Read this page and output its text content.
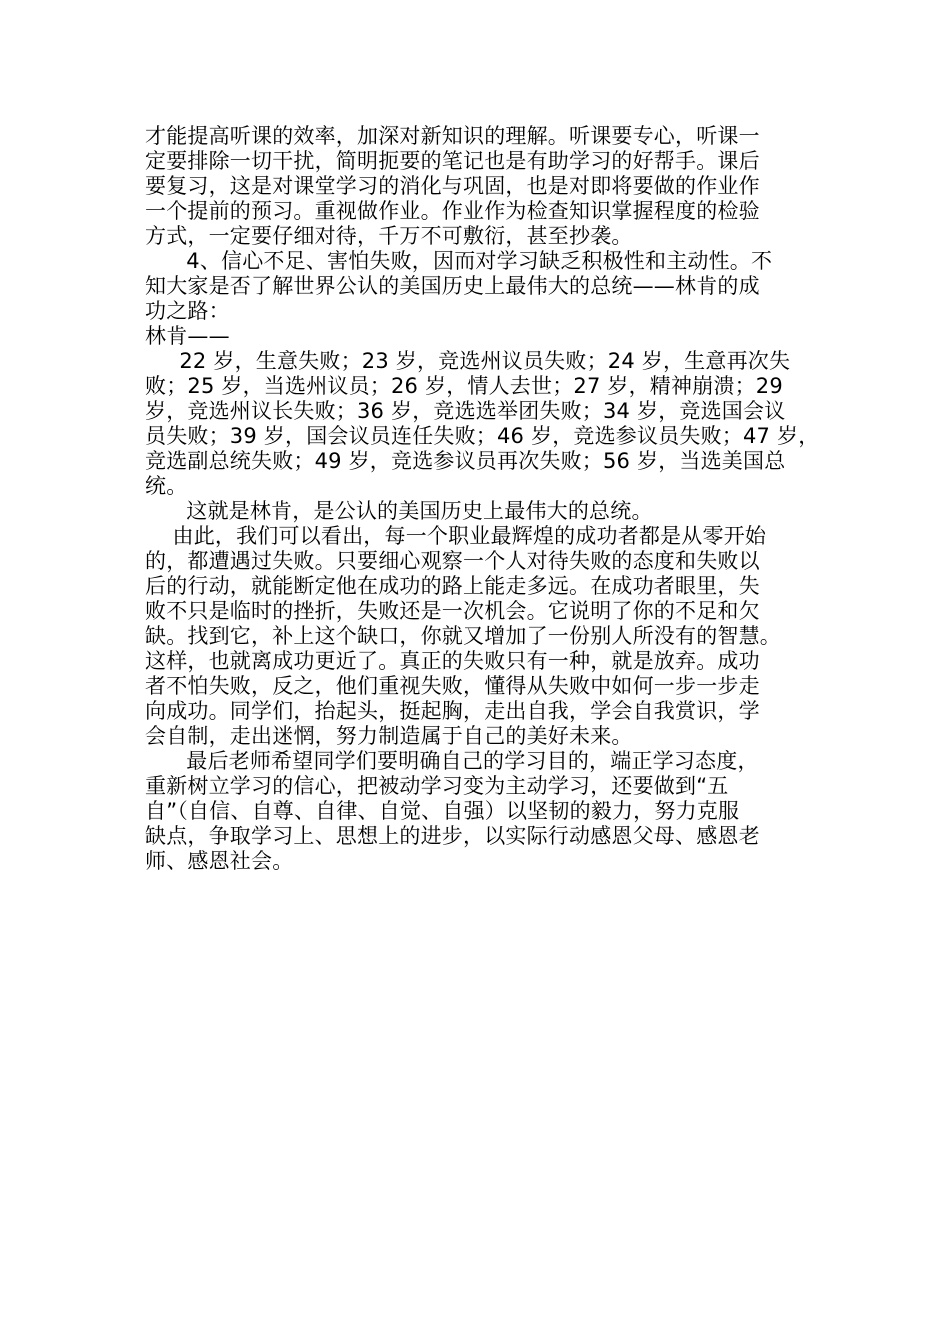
才能提高听课的效率，加深对新知识的理解。听课要专心，听课一
定要排除一切干扰，简明扼要的笔记也是有助学习的好帮手。课后
要复习，这是对课堂学习的消化与巩固，也是对即将要做的作业作
一个提前的预习。重视做作业。作业作为检查知识掌握程度的检验
方式，一定要仔细对待，千万不可敷衍，甚至抄袭。
4、信心不足、害怕失败，因而对学习缺乏积极性和主动性。不
知大家是否了解世界公认的美国历史上最伟大的总统——林肯的成
功之路：
林肯——
22 岁，生意失败；23 岁，竞选州议员失败；24 岁，生意再次失
败；25 岁，当选州议员；26 岁，情人去世；27 岁，精神崩溃；29
岁，竞选州议长失败；36 岁，竞选选举团失败；34 岁，竞选国会议
员失败；39 岁，国会议员连任失败；46 岁，竞选参议员失败；47 岁，
竞选副总统失败；49 岁，竞选参议员再次失败；56 岁，当选美国总
统。
这就是林肯，是公认的美国历史上最伟大的总统。
由此，我们可以看出，每一个职业最辉煌的成功者都是从零开始
的，都遭遇过失败。只要细心观察一个人对待失败的态度和失败以
后的行动，就能断定他在成功的路上能走多远。在成功者眼里，失
败不只是临时的挫折，失败还是一次机会。它说明了你的不足和欠
缺。找到它，补上这个缺口，你就又增加了一份别人所没有的智慧。
这样，也就离成功更近了。真正的失败只有一种，就是放弃。成功
者不怕失败，反之，他们重视失败，懂得从失败中如何一步一步走
向成功。同学们，抬起头，挺起胸，走出自我，学会自我赏识，学
会自制，走出迷惘，努力制造属于自己的美好未来。
最后老师希望同学们要明确自己的学习目的，端正学习态度，
重新树立学习的信心，把被动学习变为主动学习，还要做到“五
自”（自信、自尊、自律、自觉、自强）以坚韧的毅力，努力克服
缺点，争取学习上、思想上的进步，以实际行动感恩父母、感恩老
师、感恩社会。
